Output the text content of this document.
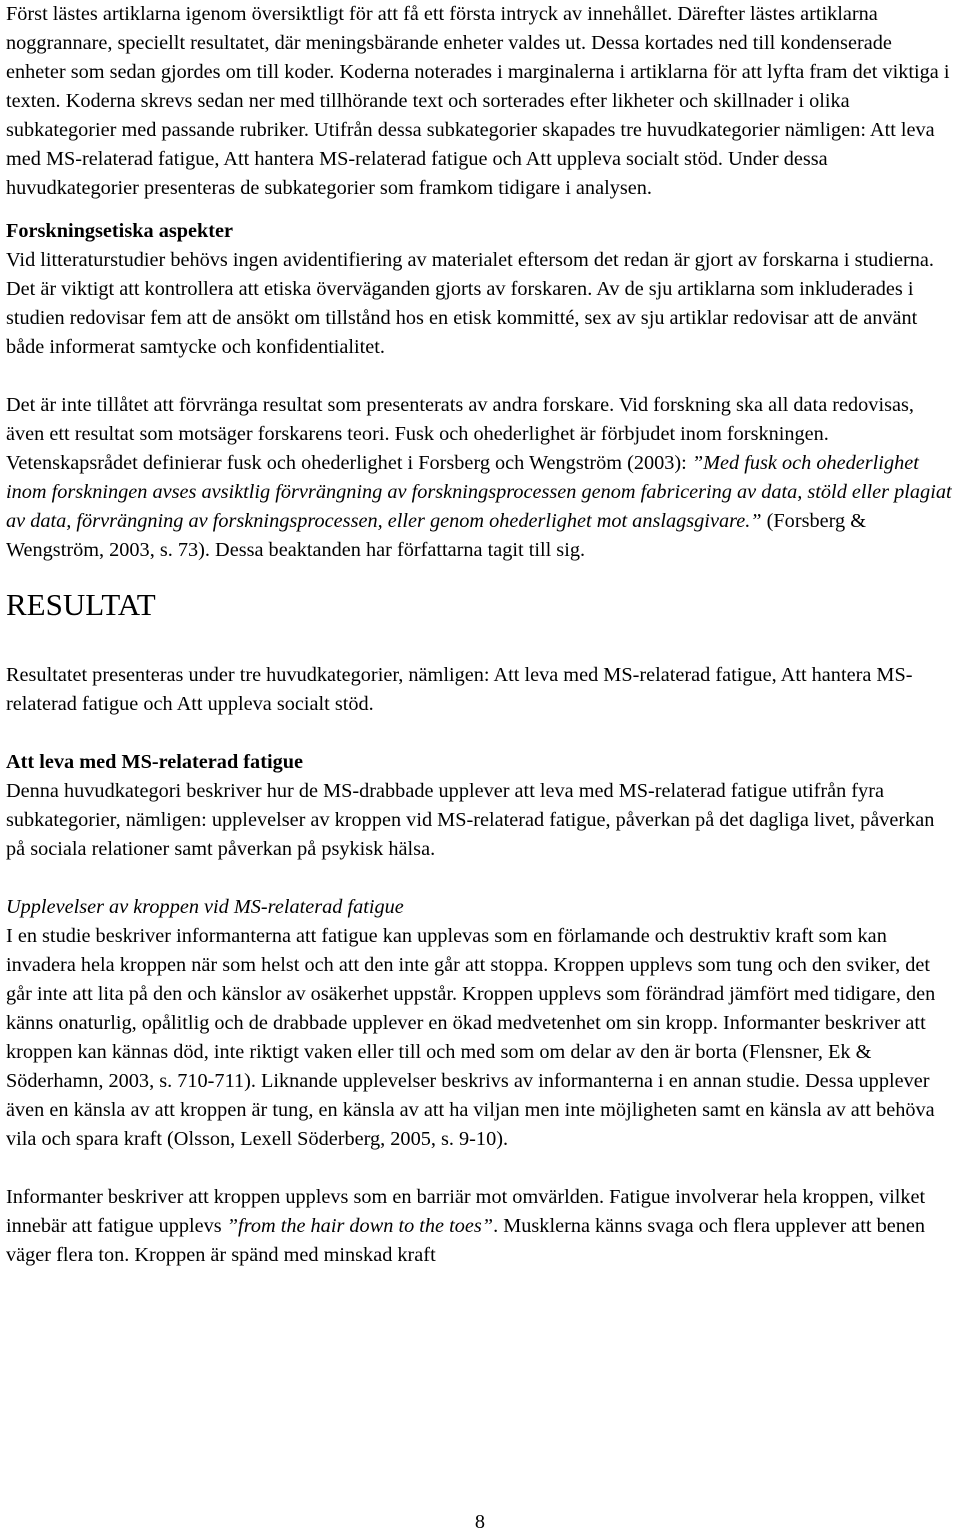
Först lästes artiklarna igenom översiktligt för att få ett första intryck av innehållet. Därefter lästes artiklarna noggrannare, speciellt resultatet, där meningsbärande enheter valdes ut. Dessa kortades ned till kondenserade enheter som sedan gjordes om till koder. Koderna noterades i marginalerna i artiklarna för att lyfta fram det viktiga i texten. Koderna skrevs sedan ner med tillhörande text och sorterades efter likheter och skillnader i olika subkategorier med passande rubriker. Utifrån dessa subkategorier skapades tre huvudkategorier nämligen: Att leva med MS-relaterad fatigue, Att hantera MS-relaterad fatigue och Att uppleva socialt stöd. Under dessa huvudkategorier presenteras de subkategorier som framkom tidigare i analysen.

Forskningsetiska aspekter

Vid litteraturstudier behövs ingen avidentifiering av materialet eftersom det redan är gjort av forskarna i studierna. Det är viktigt att kontrollera att etiska överväganden gjorts av forskaren. Av de sju artiklarna som inkluderades i studien redovisar fem att de ansökt om tillstånd hos en etisk kommitté, sex av sju artiklar redovisar att de använt både informerat samtycke och konfidentialitet.

Det är inte tillåtet att förvränga resultat som presenterats av andra forskare. Vid forskning ska all data redovisas, även ett resultat som motsäger forskarens teori. Fusk och ohederlighet är förbjudet inom forskningen. Vetenskapsrådet definierar fusk och ohederlighet i Forsberg och Wengström (2003): ”Med fusk och ohederlighet inom forskningen avses avsiktlig förvrängning av forskningsprocessen genom fabricering av data, stöld eller plagiat av data, förvrängning av forskningsprocessen, eller genom ohederlighet mot anslagsgivare.” (Forsberg & Wengström, 2003, s. 73). Dessa beaktanden har författarna tagit till sig.

RESULTAT

Resultatet presenteras under tre huvudkategorier, nämligen: Att leva med MS-relaterad fatigue, Att hantera MS-relaterad fatigue och Att uppleva socialt stöd.

Att leva med MS-relaterad fatigue

Denna huvudkategori beskriver hur de MS-drabbade upplever att leva med MS-relaterad fatigue utifrån fyra subkategorier, nämligen: upplevelser av kroppen vid MS-relaterad fatigue, påverkan på det dagliga livet, påverkan på sociala relationer samt påverkan på psykisk hälsa.

Upplevelser av kroppen vid MS-relaterad fatigue

I en studie beskriver informanterna att fatigue kan upplevas som en förlamande och destruktiv kraft som kan invadera hela kroppen när som helst och att den inte går att stoppa. Kroppen upplevs som tung och den sviker, det går inte att lita på den och känslor av osäkerhet uppstår. Kroppen upplevs som förändrad jämfört med tidigare, den känns onaturlig, opålitlig och de drabbade upplever en ökad medvetenhet om sin kropp. Informanter beskriver att kroppen kan kännas död, inte riktigt vaken eller till och med som om delar av den är borta (Flensner, Ek & Söderhamn, 2003, s. 710-711). Liknande upplevelser beskrivs av informanterna i en annan studie. Dessa upplever även en känsla av att kroppen är tung, en känsla av att ha viljan men inte möjligheten samt en känsla av att behöva vila och spara kraft (Olsson, Lexell Söderberg, 2005, s. 9-10).

Informanter beskriver att kroppen upplevs som en barriär mot omvärlden. Fatigue involverar hela kroppen, vilket innebär att fatigue upplevs ”from the hair down to the toes”. Musklerna känns svaga och flera upplever att benen väger flera ton. Kroppen är spänd med minskad kraft

8
